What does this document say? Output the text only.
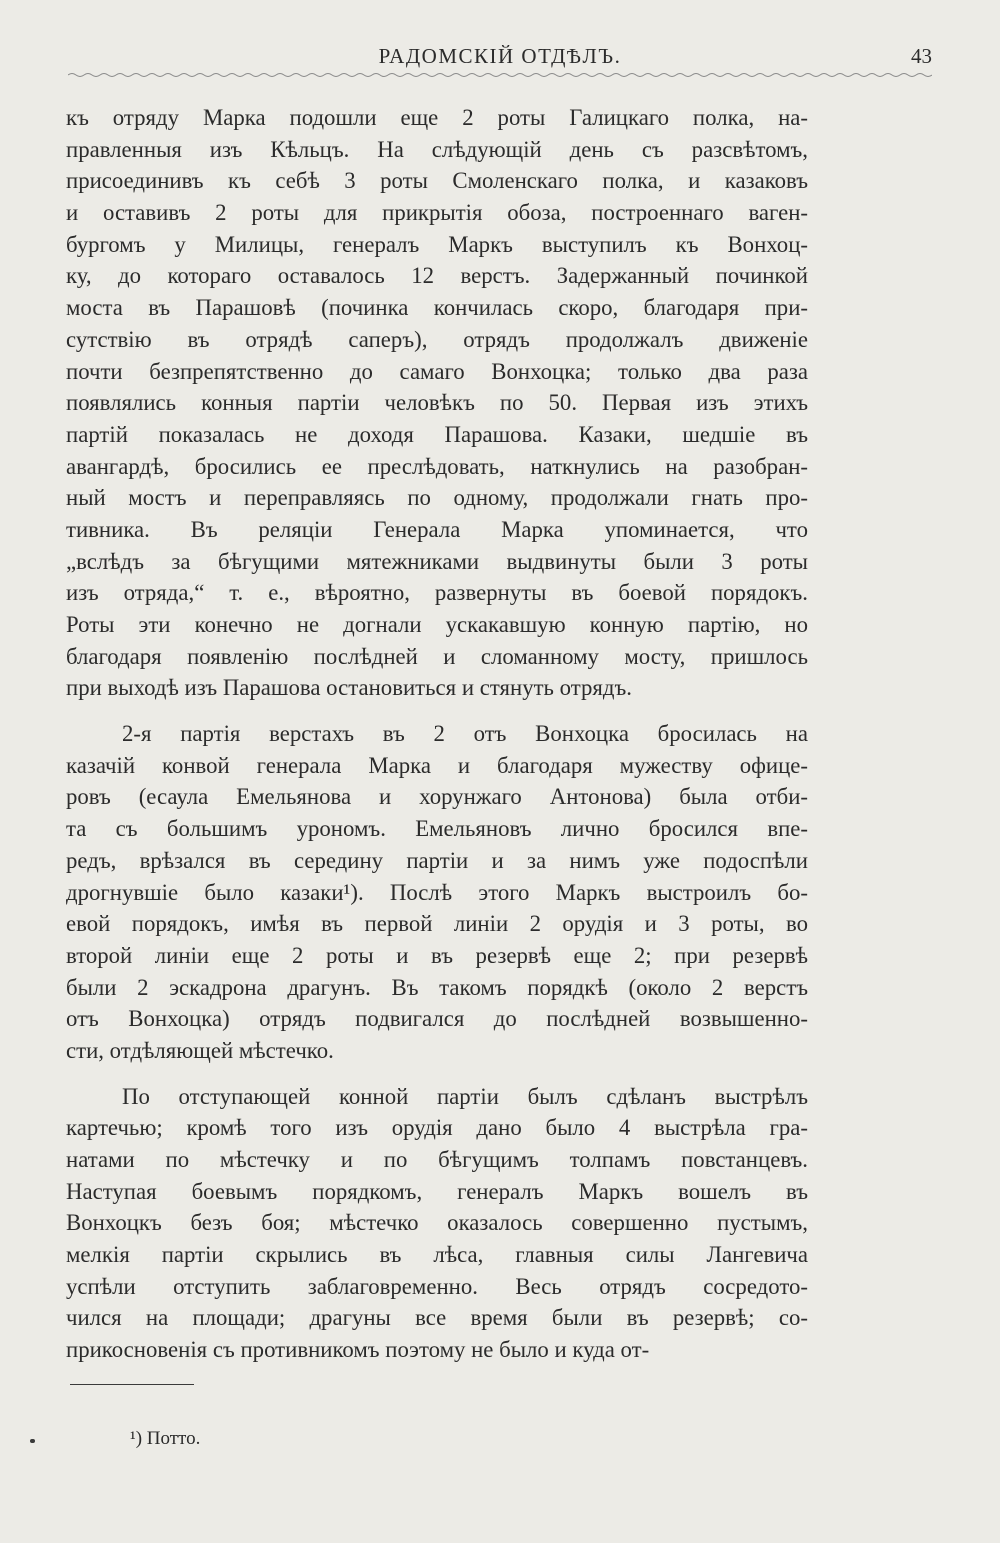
РАДОМСКІЙ ОТДѢЛЪ.	43
къ отряду Марка подошли еще 2 роты Галицкаго полка, на-
правленныя изъ Кѣльцъ. На слѣдующій день съ разсвѣтомъ,
присоединивъ къ себѣ 3 роты Смоленскаго полка, и казаковъ
и оставивъ 2 роты для прикрытія обоза, построеннаго ваген-
бургомъ у Милицы, генералъ Маркъ выступилъ къ Вонхоц-
ку, до котораго оставалось 12 верстъ. Задержанный починкой
моста въ Парашовѣ (починка кончилась скоро, благодаря при-
сутствію въ отрядѣ саперъ), отрядъ продолжалъ движеніе
почти безпрепятственно до самаго Вонхоцка; только два раза
появлялись конныя партіи человѣкъ по 50. Первая изъ этихъ
партій показалась не доходя Парашова. Казаки, шедшіе въ
авангардѣ, бросились ее преслѣдовать, наткнулись на разобран-
ный мостъ и переправляясь по одному, продолжали гнать про-
тивника. Въ реляціи Генерала Марка упоминается, что
„вслѣдъ за бѣгущими мятежниками выдвинуты были 3 роты
изъ отряда,“ т. е., вѣроятно, развернуты въ боевой порядокъ.
Роты эти конечно не догнали ускакавшую конную партію, но
благодаря появленію послѣдней и сломанному мосту, пришлось
при выходѣ изъ Парашова остановиться и стянуть отрядъ.
2-я партія верстахъ въ 2 отъ Вонхоцка бросилась на
казачій конвой генерала Марка и благодаря мужеству офице-
ровъ (есаула Емельянова и хорунжаго Антонова) была отби-
та съ большимъ урономъ. Емельяновъ лично бросился впе-
редъ, врѣзался въ середину партіи и за нимъ уже подоспѣли
дрогнувшіе было казаки¹). Послѣ этого Маркъ выстроилъ бо-
евой порядокъ, имѣя въ первой линіи 2 орудія и 3 роты, во
второй линіи еще 2 роты и въ резервѣ еще 2; при резервѣ
были 2 эскадрона драгунъ. Въ такомъ порядкѣ (около 2 верстъ
отъ Вонхоцка) отрядъ подвигался до послѣдней возвышенно-
сти, отдѣляющей мѣстечко.
По отступающей конной партіи былъ сдѣланъ выстрѣлъ
картечью; кромѣ того изъ орудія дано было 4 выстрѣла гра-
натами по мѣстечку и по бѣгущимъ толпамъ повстанцевъ.
Наступая боевымъ порядкомъ, генералъ Маркъ вошелъ въ
Вонхоцкъ безъ боя; мѣстечко оказалось совершенно пустымъ,
мелкія партіи скрылись въ лѣса, главныя силы Лангевича
успѣли отступить заблаговременно. Весь отрядъ сосредото-
чился на площади; драгуны все время были въ резервѣ; со-
прикосновенія съ противникомъ поэтому не было и куда от-
¹) Потто.
